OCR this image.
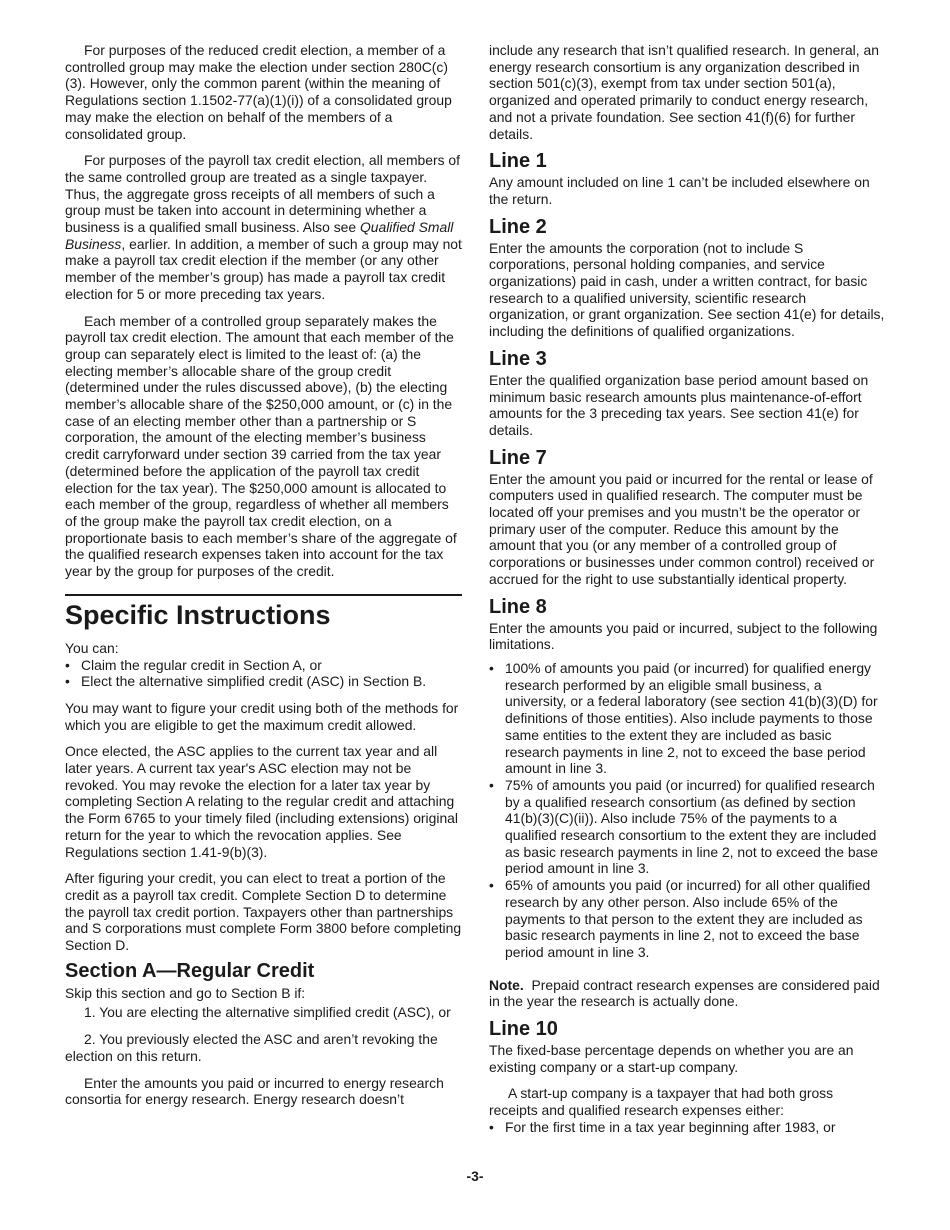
For purposes of the reduced credit election, a member of a controlled group may make the election under section 280C(c)(3). However, only the common parent (within the meaning of Regulations section 1.1502-77(a)(1)(i)) of a consolidated group may make the election on behalf of the members of a consolidated group.

For purposes of the payroll tax credit election, all members of the same controlled group are treated as a single taxpayer. Thus, the aggregate gross receipts of all members of such a group must be taken into account in determining whether a business is a qualified small business. Also see Qualified Small Business, earlier. In addition, a member of such a group may not make a payroll tax credit election if the member (or any other member of the member’s group) has made a payroll tax credit election for 5 or more preceding tax years.

Each member of a controlled group separately makes the payroll tax credit election. The amount that each member of the group can separately elect is limited to the least of: (a) the electing member’s allocable share of the group credit (determined under the rules discussed above), (b) the electing member’s allocable share of the $250,000 amount, or (c) in the case of an electing member other than a partnership or S corporation, the amount of the electing member’s business credit carryforward under section 39 carried from the tax year (determined before the application of the payroll tax credit election for the tax year). The $250,000 amount is allocated to each member of the group, regardless of whether all members of the group make the payroll tax credit election, on a proportionate basis to each member’s share of the aggregate of the qualified research expenses taken into account for the tax year by the group for purposes of the credit.

Specific Instructions

You can:

• Claim the regular credit in Section A, or
• Elect the alternative simplified credit (ASC) in Section B.

You may want to figure your credit using both of the methods for which you are eligible to get the maximum credit allowed.

Once elected, the ASC applies to the current tax year and all later years. A current tax year's ASC election may not be revoked. You may revoke the election for a later tax year by completing Section A relating to the regular credit and attaching the Form 6765 to your timely filed (including extensions) original return for the year to which the revocation applies. See Regulations section 1.41-9(b)(3).

After figuring your credit, you can elect to treat a portion of the credit as a payroll tax credit. Complete Section D to determine the payroll tax credit portion. Taxpayers other than partnerships and S corporations must complete Form 3800 before completing Section D.

Section A—Regular Credit

Skip this section and go to Section B if:

1. You are electing the alternative simplified credit (ASC), or

2. You previously elected the ASC and aren’t revoking the election on this return.

Enter the amounts you paid or incurred to energy research consortia for energy research. Energy research doesn’t

include any research that isn’t qualified research. In general, an energy research consortium is any organization described in section 501(c)(3), exempt from tax under section 501(a), organized and operated primarily to conduct energy research, and not a private foundation. See section 41(f)(6) for further details.

Line 1

Any amount included on line 1 can’t be included elsewhere on the return.

Line 2

Enter the amounts the corporation (not to include S corporations, personal holding companies, and service organizations) paid in cash, under a written contract, for basic research to a qualified university, scientific research organization, or grant organization. See section 41(e) for details, including the definitions of qualified organizations.

Line 3

Enter the qualified organization base period amount based on minimum basic research amounts plus maintenance-of-effort amounts for the 3 preceding tax years. See section 41(e) for details.

Line 7

Enter the amount you paid or incurred for the rental or lease of computers used in qualified research. The computer must be located off your premises and you mustn’t be the operator or primary user of the computer. Reduce this amount by the amount that you (or any member of a controlled group of corporations or businesses under common control) received or accrued for the right to use substantially identical property.

Line 8

Enter the amounts you paid or incurred, subject to the following limitations.

• 100% of amounts you paid (or incurred) for qualified energy research performed by an eligible small business, a university, or a federal laboratory (see section 41(b)(3)(D) for definitions of those entities). Also include payments to those same entities to the extent they are included as basic research payments in line 2, not to exceed the base period amount in line 3.
• 75% of amounts you paid (or incurred) for qualified research by a qualified research consortium (as defined by section 41(b)(3)(C)(ii)). Also include 75% of the payments to a qualified research consortium to the extent they are included as basic research payments in line 2, not to exceed the base period amount in line 3.
• 65% of amounts you paid (or incurred) for all other qualified research by any other person. Also include 65% of the payments to that person to the extent they are included as basic research payments in line 2, not to exceed the base period amount in line 3.

Note. Prepaid contract research expenses are considered paid in the year the research is actually done.

Line 10

The fixed-base percentage depends on whether you are an existing company or a start-up company.

A start-up company is a taxpayer that had both gross receipts and qualified research expenses either:

• For the first time in a tax year beginning after 1983, or
-3-
